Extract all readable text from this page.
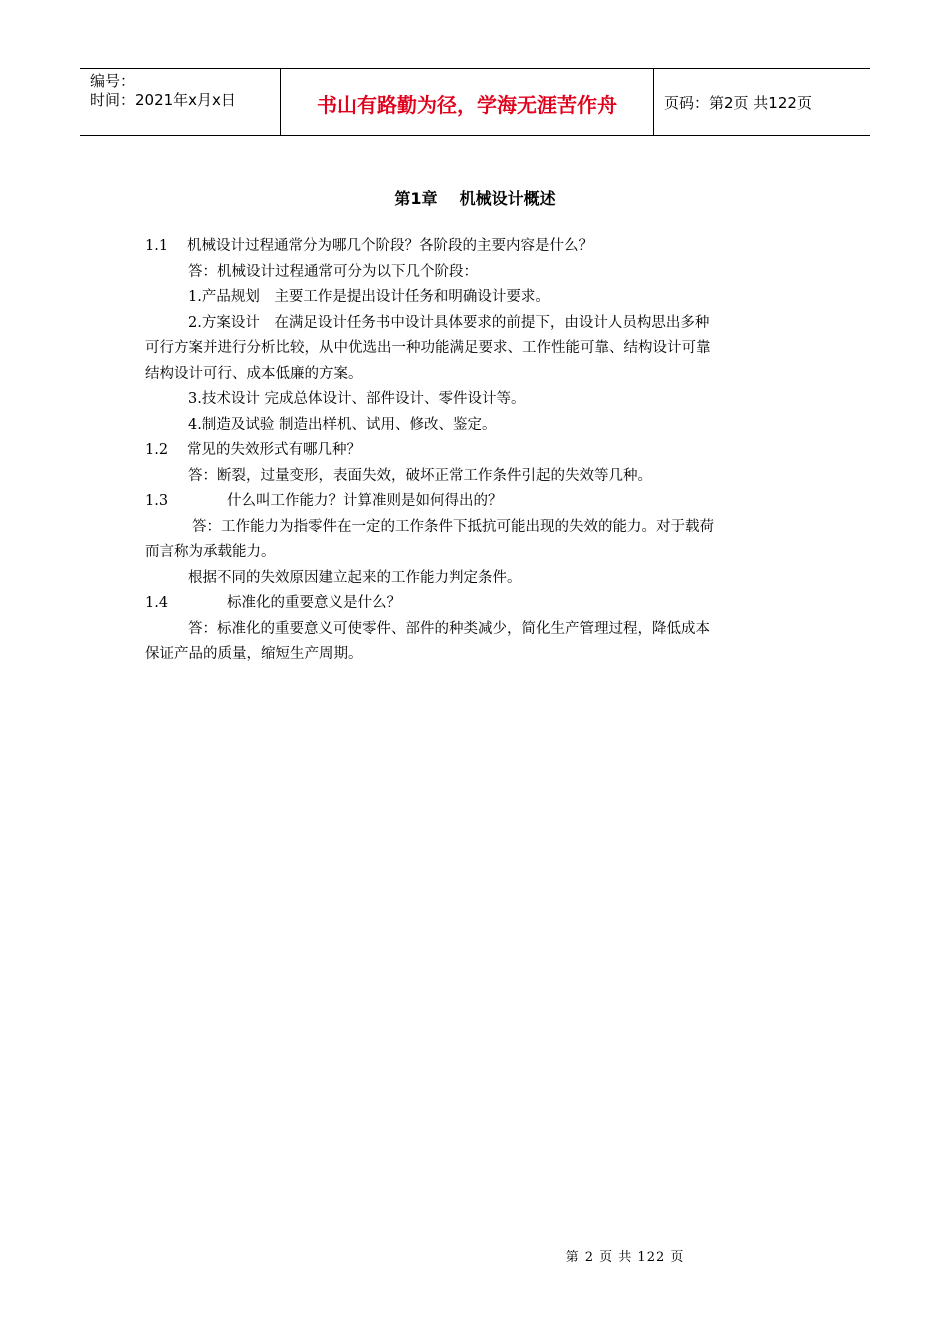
编号：
时间：2021年x月x日	书山有路勤为径，学海无涯苦作舟	页码：第2页 共122页
第1章 机械设计概述
1.1 机械设计过程通常分为哪几个阶段？各阶段的主要内容是什么？
答：机械设计过程通常可分为以下几个阶段：
1.产品规划　主要工作是提出设计任务和明确设计要求。
2.方案设计　在满足设计任务书中设计具体要求的前提下，由设计人员构思出多种
可行方案并进行分析比较，从中优选出一种功能满足要求、工作性能可靠、结构设计可靠
结构设计可行、成本低廉的方案。
3.技术设计 完成总体设计、部件设计、零件设计等。
4.制造及试验 制造出样机、试用、修改、鉴定。
1.2 常见的失效形式有哪几种？
答：断裂，过量变形，表面失效，破坏正常工作条件引起的失效等几种。
1.3	什么叫工作能力？计算准则是如何得出的？
答：工作能力为指零件在一定的工作条件下抵抗可能出现的失效的能力。对于载荷
而言称为承载能力。
根据不同的失效原因建立起来的工作能力判定条件。
1.4	标准化的重要意义是什么？
答：标准化的重要意义可使零件、部件的种类减少，简化生产管理过程，降低成本
保证产品的质量，缩短生产周期。
第 2 页 共 122 页
